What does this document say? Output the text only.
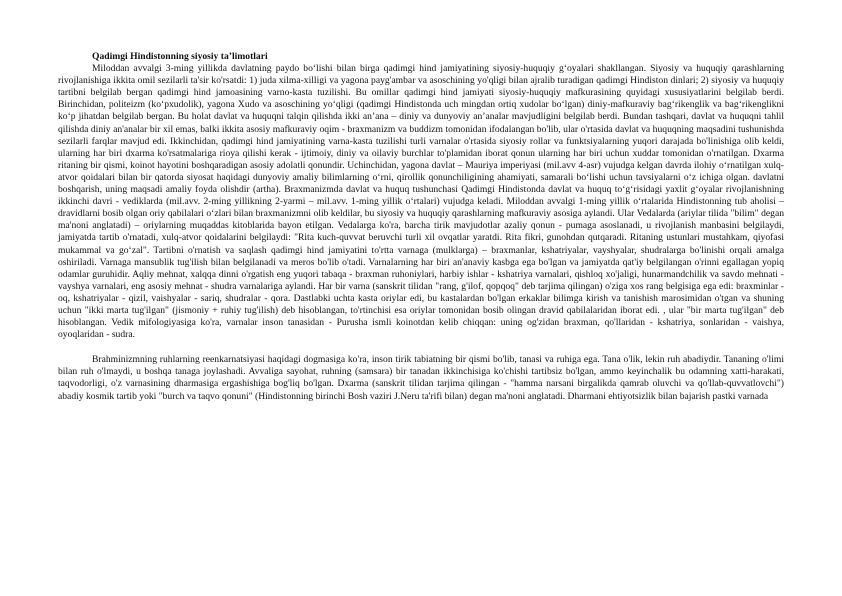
Qadimgi Hindistonning siyosiy ta’limotlari

Miloddan avvalgi 3-ming yillikda davlatning paydo bo‘lishi bilan birga qadimgi hind jamiyatining siyosiy-huquqiy g‘oyalari shakllangan. Siyosiy va huquqiy qarashlarning rivojlanishiga ikkita omil sezilarli ta'sir ko'rsatdi: 1) juda xilma-xilligi va yagona payg'ambar va asoschining yo'qligi bilan ajralib turadigan qadimgi Hindiston dinlari; 2) siyosiy va huquqiy tartibni belgilab bergan qadimgi hind jamoasining varno-kasta tuzilishi. Bu omillar qadimgi hind jamiyati siyosiy-huquqiy mafkurasining quyidagi xususiyatlarini belgilab berdi. Birinchidan, politeizm (ko‘pxudolik), yagona Xudo va asoschining yo‘qligi (qadimgi Hindistonda uch mingdan ortiq xudolar bo‘lgan) diniy-mafkuraviy bag‘rikenglik va bag‘rikenglikni ko‘p jihatdan belgilab bergan. Bu holat davlat va huquqni talqin qilishda ikki an’ana – diniy va dunyoviy an’analar mavjudligini belgilab berdi. Bundan tashqari, davlat va huquqni tahlil qilishda diniy an'analar bir xil emas, balki ikkita asosiy mafkuraviy oqim - braxmanizm va buddizm tomonidan ifodalangan bo'lib, ular o'rtasida davlat va huquqning maqsadini tushunishda sezilarli farqlar mavjud edi. Ikkinchidan, qadimgi hind jamiyatining varna-kasta tuzilishi turli varnalar o'rtasida siyosiy rollar va funktsiyalarning yuqori darajada bo'linishiga olib keldi, ularning har biri dxarma ko'rsatmalariga rioya qilishi kerak - ijtimoiy, diniy va oilaviy burchlar to'plamidan iborat qonun ularning har biri uchun xuddar tomonidan o'rnatilgan. Dxarma ritaning bir qismi, koinot hayotini boshqaradigan asosiy adolatli qonundir. Uchinchidan, yagona davlat – Mauriya imperiyasi (mil.avv 4-asr) vujudga kelgan davrda ilohiy o‘rnatilgan xulq-atvor qoidalari bilan bir qatorda siyosat haqidagi dunyoviy amaliy bilimlarning o‘rni, qirollik qonunchiligining ahamiyati, samarali bo‘lishi uchun tavsiyalarni o‘z ichiga olgan. davlatni boshqarish, uning maqsadi amaliy foyda olishdir (artha). Braxmanizmda davlat va huquq tushunchasi Qadimgi Hindistonda davlat va huquq to‘g‘risidagi yaxlit g‘oyalar rivojlanishning ikkinchi davri - vediklarda (mil.avv. 2-ming yillikning 2-yarmi – mil.avv. 1-ming yillik o‘rtalari) vujudga keladi. Miloddan avvalgi 1-ming yillik o‘rtalarida Hindistonning tub aholisi – dravidlarni bosib olgan oriy qabilalari o‘zlari bilan braxmanizmni olib keldilar, bu siyosiy va huquqiy qarashlarning mafkuraviy asosiga aylandi. Ular Vedalarda (ariylar tilida "bilim" degan ma'noni anglatadi) – oriylarning muqaddas kitoblarida bayon etilgan. Vedalarga ko'ra, barcha tirik mavjudotlar azaliy qonun - pumaga asoslanadi, u rivojlanish manbasini belgilaydi, jamiyatda tartib o'rnatadi, xulq-atvor qoidalarini belgilaydi: "Rita kuch-quvvat beruvchi turli xil ovqatlar yaratdi. Rita fikri, gunohdan qutqaradi. Ritaning ustunlari mustahkam, qiyofasi mukammal va go‘zal". Tartibni o'rnatish va saqlash qadimgi hind jamiyatini to'rtta varnaga (mulklarga) – braxmanlar, kshatriyalar, vayshyalar, shudralarga bo'linishi orqali amalga oshiriladi. Varnaga mansublik tug'ilish bilan belgilanadi va meros bo'lib o'tadi. Varnalarning har biri an'anaviy kasbga ega bo'lgan va jamiyatda qat'iy belgilangan o'rinni egallagan yopiq odamlar guruhidir. Aqliy mehnat, xalqqa dinni o'rgatish eng yuqori tabaqa - braxman ruhoniylari, harbiy ishlar - kshatriya varnalari, qishloq xo'jaligi, hunarmandchilik va savdo mehnati - vayshya varnalari, eng asosiy mehnat - shudra varnalariga aylandi. Har bir varna (sanskrit tilidan "rang, g'ilof, qopqoq" deb tarjima qilingan) o'ziga xos rang belgisiga ega edi: braxminlar - oq, kshatriyalar - qizil, vaishyalar - sariq, shudralar - qora. Dastlabki uchta kasta oriylar edi, bu kastalardan bo'lgan erkaklar bilimga kirish va tanishish marosimidan o'tgan va shuning uchun "ikki marta tug'ilgan" (jismoniy + ruhiy tug'ilish) deb hisoblangan, to'rtinchisi esa oriylar tomonidan bosib olingan dravid qabilalaridan iborat edi. , ular "bir marta tug'ilgan" deb hisoblangan. Vedik mifologiyasiga ko'ra, varnalar inson tanasidan - Purusha ismli koinotdan kelib chiqqan: uning og'zidan braxman, qo'llaridan - kshatriya, sonlaridan - vaishya, oyoqlaridan - sudra.

Brahminizmning ruhlarning reenkarnatsiyasi haqidagi dogmasiga ko'ra, inson tirik tabiatning bir qismi bo'lib, tanasi va ruhiga ega. Tana o'lik, lekin ruh abadiydir. Tananing o'limi bilan ruh o'lmaydi, u boshqa tanaga joylashadi. Avvaliga sayohat, ruhning (samsara) bir tanadan ikkinchisiga ko'chishi tartibsiz bo'lgan, ammo keyinchalik bu odamning xatti-harakati, taqvodorligi, o'z varnasining dharmasiga ergashishiga bog'liq bo'lgan. Dxarma (sanskrit tilidan tarjima qilingan - "hamma narsani birgalikda qamrab oluvchi va qo'llab-quvvatlovchi") abadiy kosmik tartib yoki "burch va taqvo qonuni" (Hindistonning birinchi Bosh vaziri J.Neru ta'rifi bilan) degan ma'noni anglatadi. Dharmani ehtiyotsizlik bilan bajarish pastki varnada
